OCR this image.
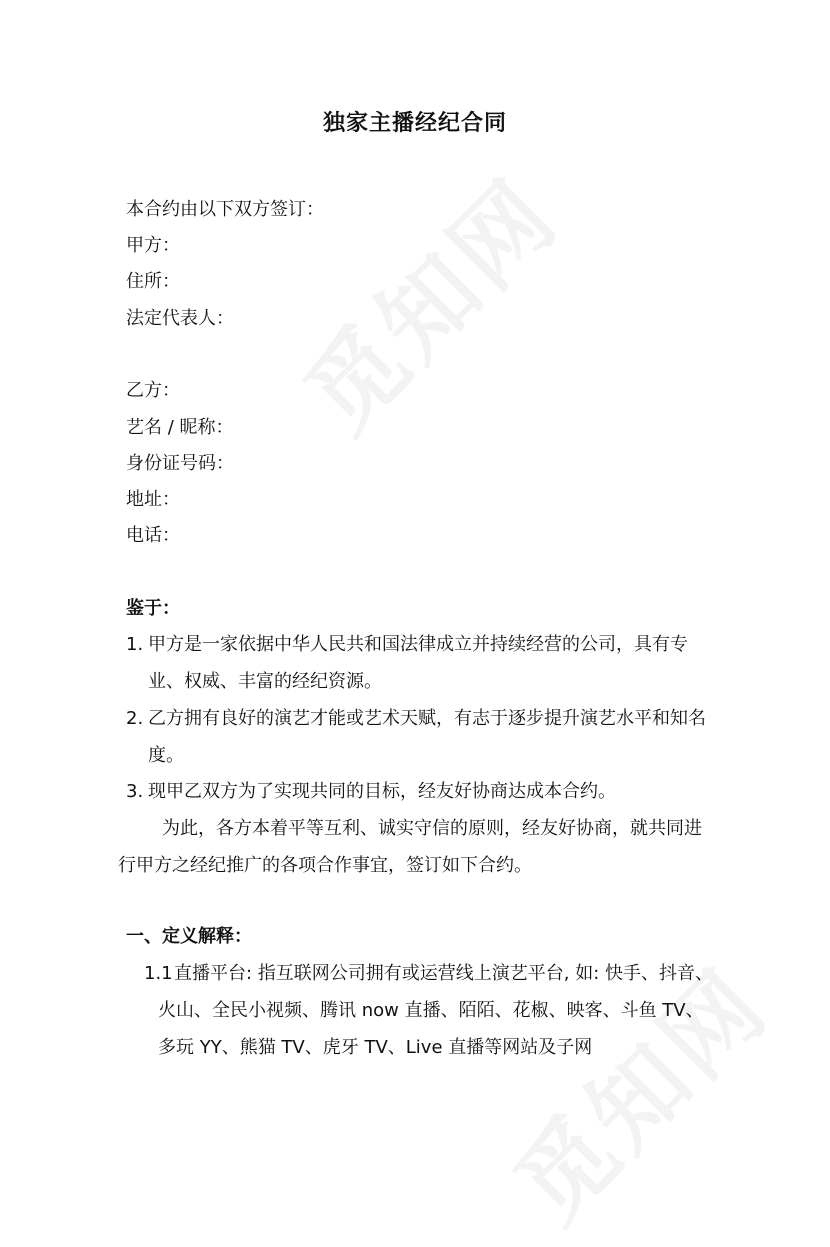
独家主播经纪合同
本合约由以下双方签订：
甲方：
住所：
法定代表人：
乙方：
艺名 / 昵称：
身份证号码：
地址：
电话：
鉴于：
1. 甲方是一家依据中华人民共和国法律成立并持续经营的公司，具有专业、权威、丰富的经纪资源。
2. 乙方拥有良好的演艺才能或艺术天赋，有志于逐步提升演艺水平和知名度。
3. 现甲乙双方为了实现共同的目标，经友好协商达成本合约。
为此，各方本着平等互利、诚实守信的原则，经友好协商，就共同进行甲方之经纪推广的各项合作事宜，签订如下合约。
一、定义解释：
1.1 直播平台: 指互联网公司拥有或运营线上演艺平台, 如: 快手、抖音、火山、全民小视频、腾讯 now 直播、陌陌、花椒、映客、斗鱼 TV、多玩 YY、熊猫 TV、虎牙 TV、Live 直播等网站及子网
